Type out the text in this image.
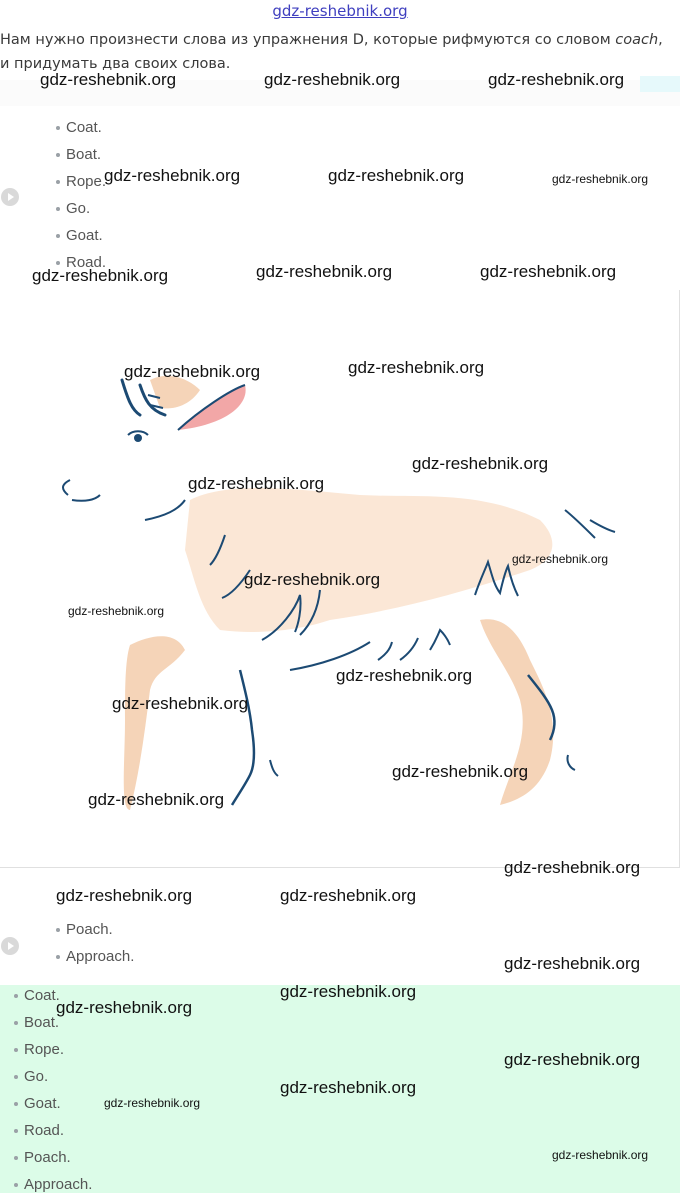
gdz-reshebnik.org
Нам нужно произнести слова из упражнения D, которые рифмуются со словом coach, и придумать два своих слова.
Coat.
Boat.
Rope.
Go.
Goat.
Road.
Poach.
Approach.
Coat.
Boat.
Rope.
Go.
Goat.
Road.
Poach.
Approach.
gdz-reshebnik.org	gdz-reshebnik.org	gdz-reshebnik.org
gdz-reshebnik.org	gdz-reshebnik.org	gdz-reshebnik.org
gdz-reshebnik.org	gdz-reshebnik.org	gdz-reshebnik.org
gdz-reshebnik.org	gdz-reshebnik.org
gdz-reshebnik.org
gdz-reshebnik.org
gdz-reshebnik.org
gdz-reshebnik.org
gdz-reshebnik.org
gdz-reshebnik.org
gdz-reshebnik.org
gdz-reshebnik.org
gdz-reshebnik.org
gdz-reshebnik.org
gdz-reshebnik.org	gdz-reshebnik.org
gdz-reshebnik.org
gdz-reshebnik.org
gdz-reshebnik.org
gdz-reshebnik.org
gdz-reshebnik.org
gdz-reshebnik.org
gdz-reshebnik.org
